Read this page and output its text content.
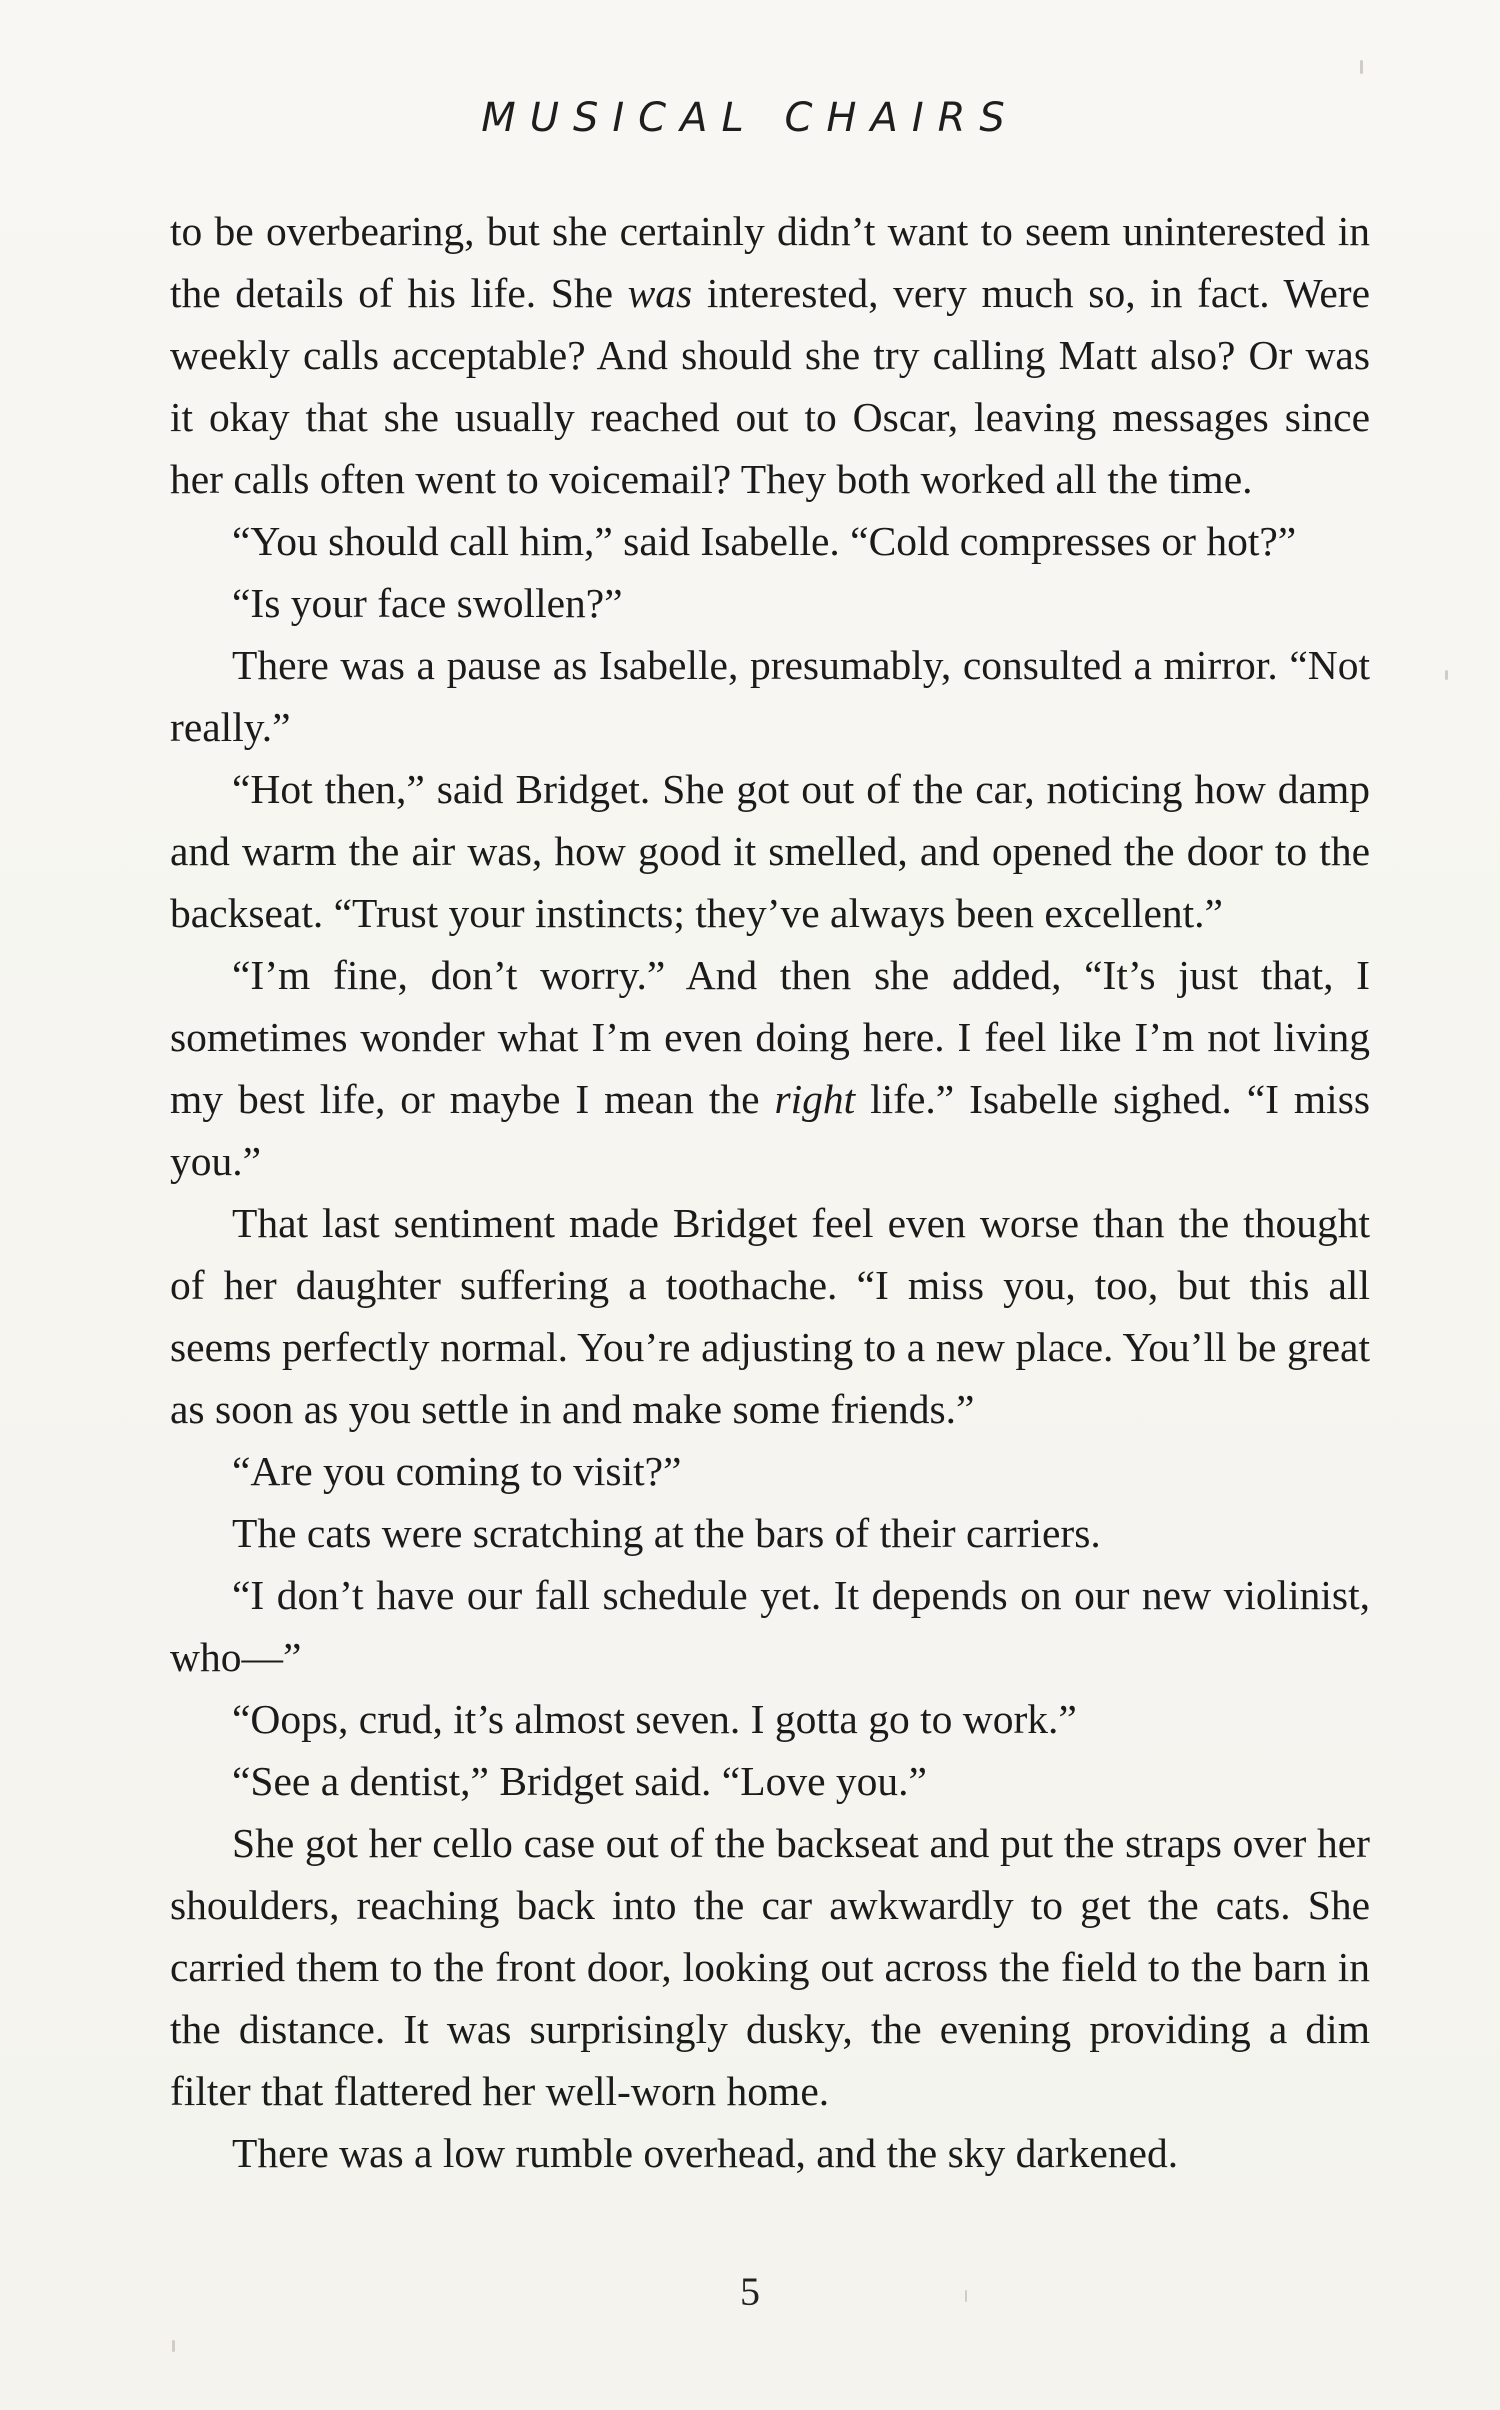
MUSICAL CHAIRS

to be overbearing, but she certainly didn’t want to seem uninterested in the details of his life. She was interested, very much so, in fact. Were weekly calls acceptable? And should she try calling Matt also? Or was it okay that she usually reached out to Oscar, leaving messages since her calls often went to voicemail? They both worked all the time.

“You should call him,” said Isabelle. “Cold compresses or hot?”

“Is your face swollen?”

There was a pause as Isabelle, presumably, consulted a mirror. “Not really.”

“Hot then,” said Bridget. She got out of the car, noticing how damp and warm the air was, how good it smelled, and opened the door to the backseat. “Trust your instincts; they’ve always been excellent.”

“I’m fine, don’t worry.” And then she added, “It’s just that, I sometimes wonder what I’m even doing here. I feel like I’m not living my best life, or maybe I mean the right life.” Isabelle sighed. “I miss you.”

That last sentiment made Bridget feel even worse than the thought of her daughter suffering a toothache. “I miss you, too, but this all seems perfectly normal. You’re adjusting to a new place. You’ll be great as soon as you settle in and make some friends.”

“Are you coming to visit?”

The cats were scratching at the bars of their carriers.

“I don’t have our fall schedule yet. It depends on our new violinist, who—”

“Oops, crud, it’s almost seven. I gotta go to work.”

“See a dentist,” Bridget said. “Love you.”

She got her cello case out of the backseat and put the straps over her shoulders, reaching back into the car awkwardly to get the cats. She carried them to the front door, looking out across the field to the barn in the distance. It was surprisingly dusky, the evening providing a dim filter that flattered her well-worn home.

There was a low rumble overhead, and the sky darkened.

5
